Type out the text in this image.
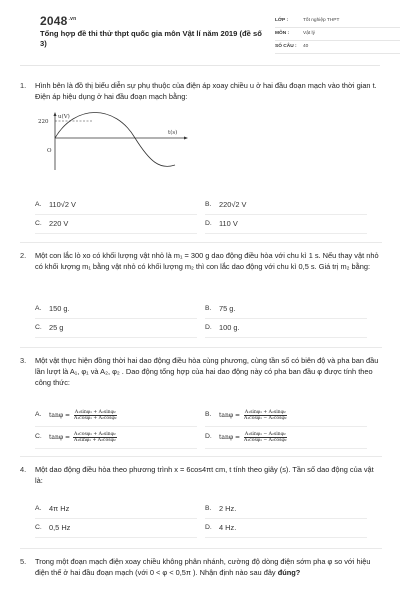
$2048^{.vn}$
Tổng hợp đề thi thử thpt quốc gia môn Vật lí năm 2019 (đề số 3)
LỚP :	Tốt nghiệp THPT
MÔN :	Vật lý
SỐ CÂU :	40
1.	Hình bên là đồ thị biểu diễn sự phụ thuộc của điện áp xoay chiều u ở hai đầu đoạn mạch vào thời gian t. Điện áp hiệu dụng ở hai đầu đoạn mạch bằng:
u(V)
220
t(s)
O
A.	110√2 V	B.	220√2 V
C. 220 V	D. 110 V
2.	Một con lắc lò xo có khối lượng vật nhỏ là m₁ = 300 g dao động điều hòa với chu kì 1 s. Nếu thay vật nhỏ có khối lượng m₁ bằng vật nhỏ có khối lượng m₂ thì con lắc dao động với chu kì 0,5 s. Giá trị m₂ bằng:
A.	150 g.	B.	75 g.
C. 25 g	D. 100 g.
3.	Một vật thực hiện đồng thời hai dao động điều hòa cùng phương, cùng tần số có biên độ và pha ban đầu lần lượt là A₁, φ₁ và A₂, φ₂ . Dao động tổng hợp của hai dao động này có pha ban đầu φ được tính theo công thức:
A.	$\tan\varphi = \frac{\text{A₁sinφ₁ + A₂sinφ₂}}{\text{A₁cosφ₁ + A₂cosφ₂}}$	B.	$\tan\varphi = \frac{\text{A₁sinφ₁ + A₂sinφ₂}}{\text{A₁cosφ₁ − A₂cosφ₂}}$
C.	$\tan\varphi = \frac{\text{A₁cosφ₁ + A₂sinφ₂}}{\text{A₁sinφ₁ + A₂cosφ₂}}$	D.	$\tan\varphi = \frac{\text{A₁sinφ₁ − A₂sinφ₂}}{\text{A₁cosφ₁ − A₂cosφ₂}}$
4.	Một dao động điều hòa theo phương trình x = 6cos4πt cm, t tính theo giây (s). Tần số dao động của vật là:
A.	4π Hz	B.	2 Hz.
C. 0,5 Hz	D. 4 Hz.
5.	Trong một đoạn mạch điện xoay chiều không phân nhánh, cường độ dòng điện sớm pha φ so với hiệu điện thế ở hai đầu đoạn mạch (với 0 < φ < 0,5π ). Nhận định nào sau đây đúng?
